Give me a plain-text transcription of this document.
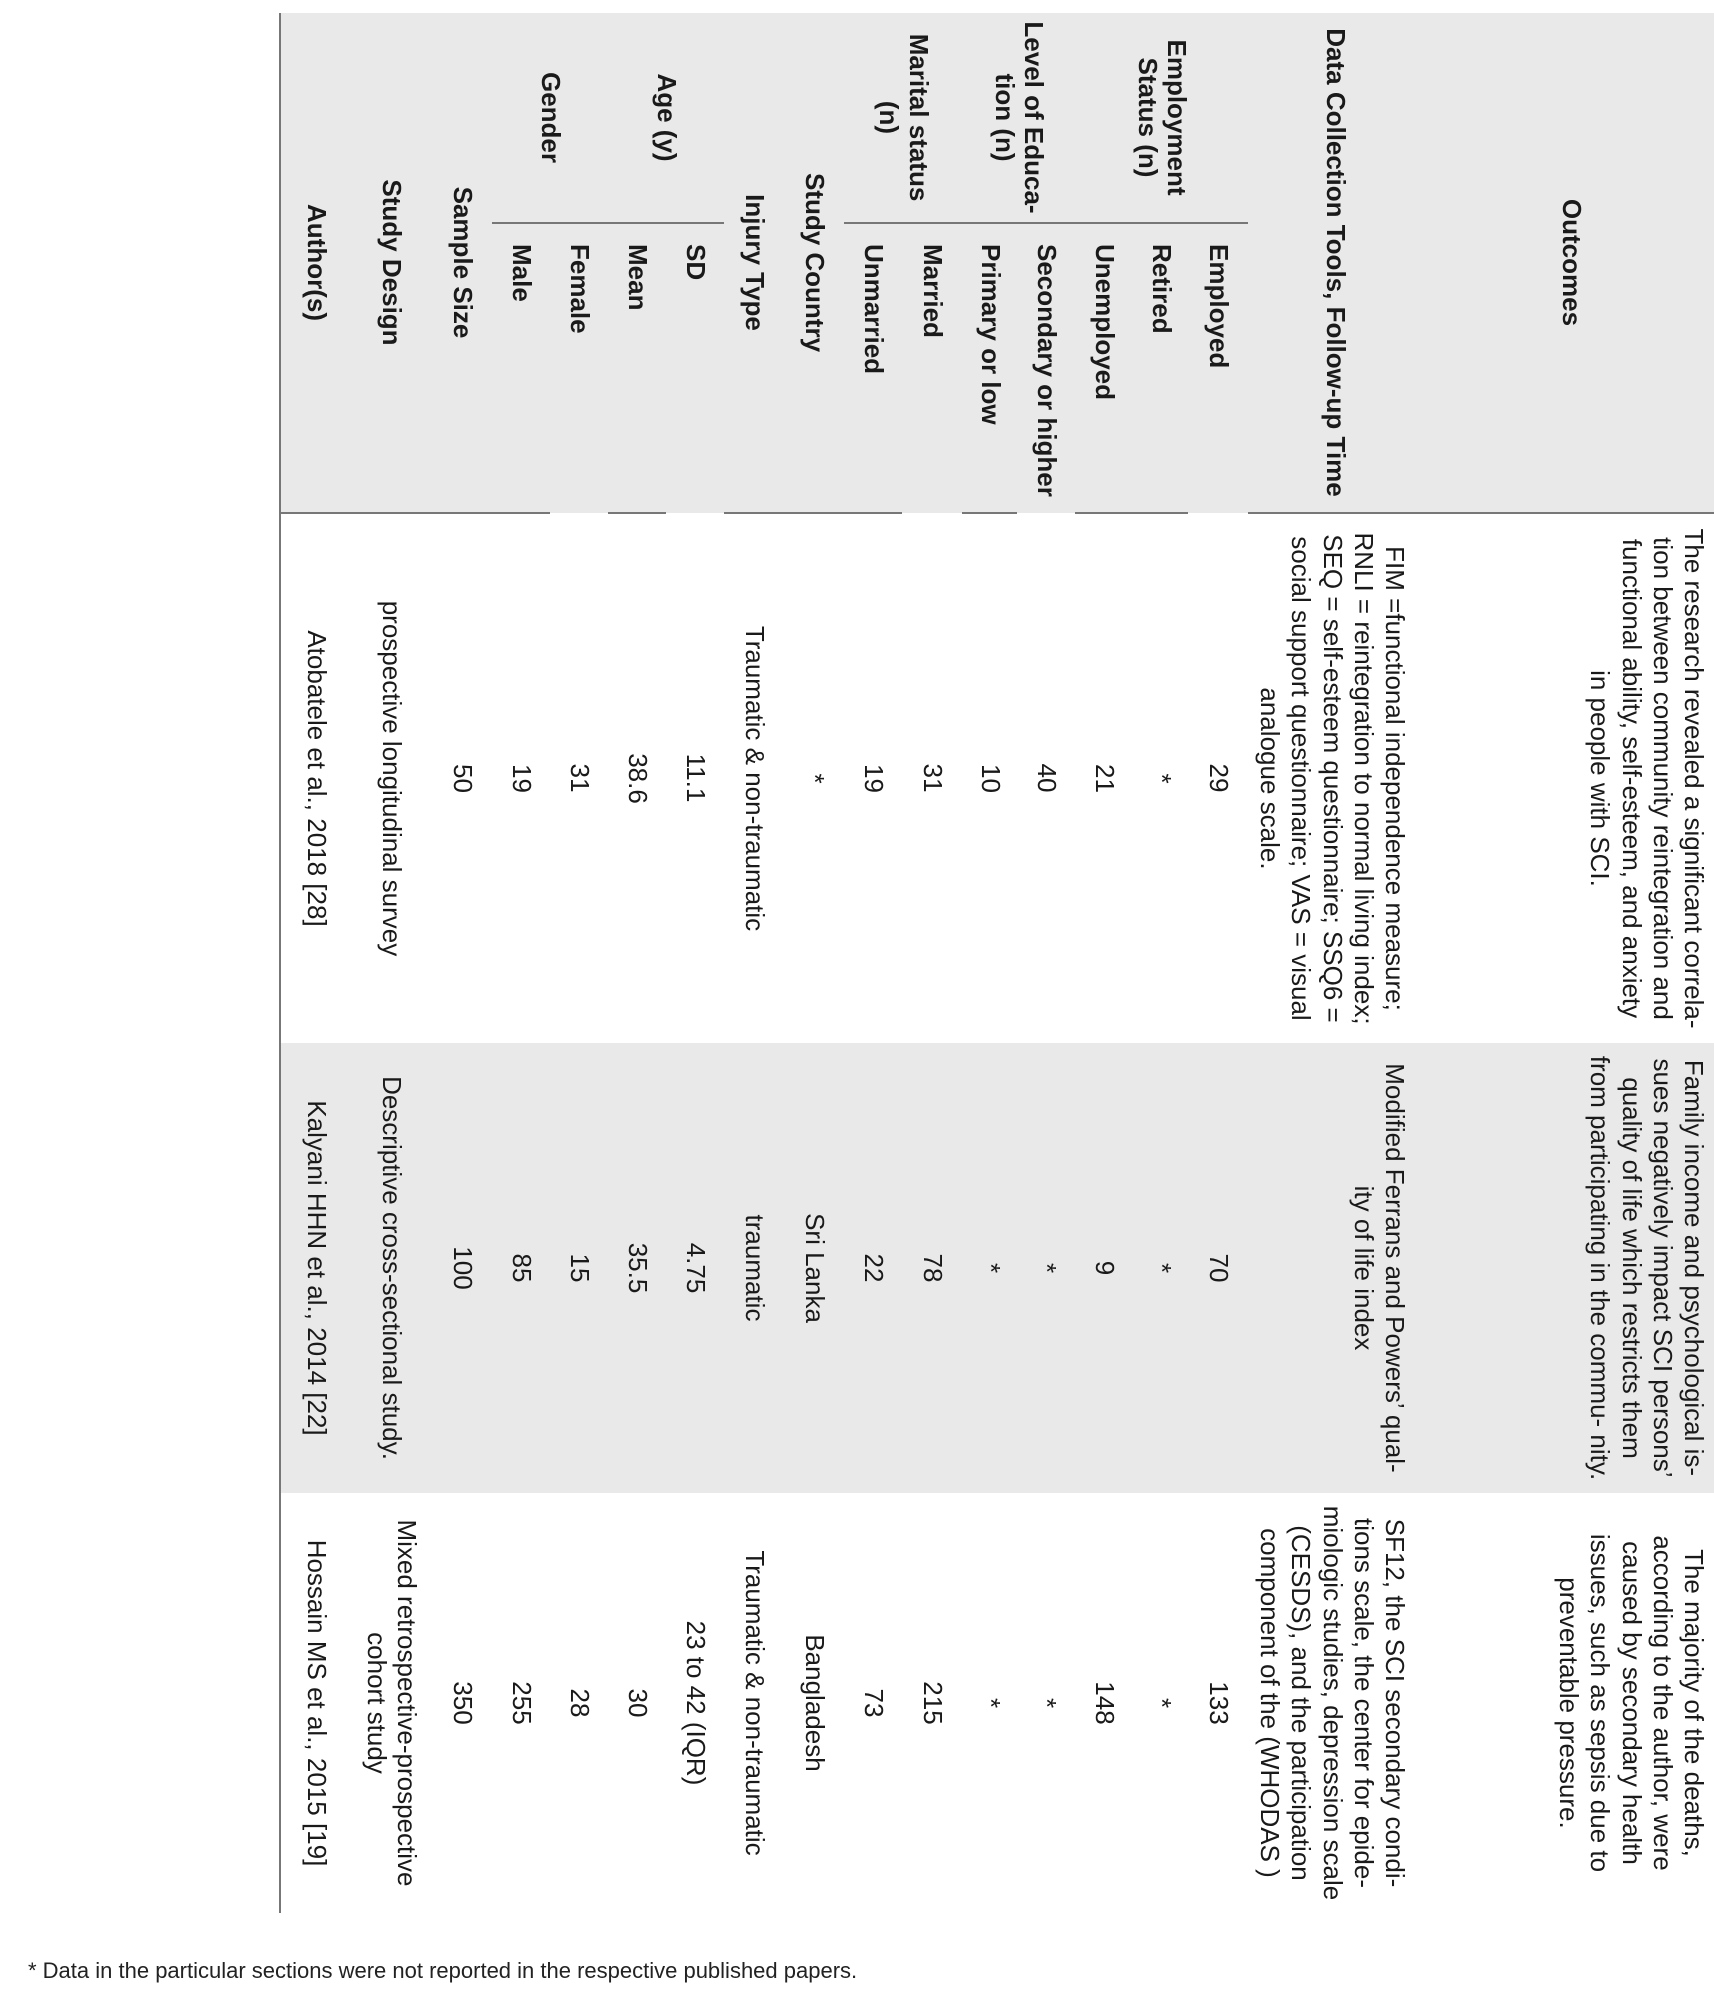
Outcomes		The research revealed a significant correla- tion between community reintegration and functional ability, self-esteem, and anxiety in people with SCI.	Family income and psychological is- sues negatively impact SCI persons’ quality of life which restricts them from participating in the commu- nity.	The majority of the deaths, according to the author, were caused by secondary health issues, such as sepsis due to preventable pressure.
Data Collection Tools, Follow-up Time		FIM =functional independence measure; RNLI = reintegration to normal living index; SEQ = self-esteem questionnaire; SSQ6 = social support questionnaire; VAS = visual analogue scale.	Modified Ferrans and Powers’ qual- ity of life index	SF12, the SCI secondary condi- tions scale, the center for epide- miologic studies, depression scale (CESDS), and the participation component of the (WHODAS )
Employment Status (n)	Employed	29	70	133
	Retired	*	*	*
	Unemployed	21	9	148
Level of Educa- tion (n)	Secondary or higher	40	*	*
	Primary or low	10	*	*
Marital status (n)	Married	31	78	215
	Unmarried	19	22	73
Study Country		*	Sri Lanka	Bangladesh
Injury Type		Traumatic & non-traumatic	traumatic	Traumatic & non-traumatic
Age (y)	SD	11.1	4.75	23 to 42 (IQR)
	Mean	38.6	35.5	30
Gender	Female	31	15	28
	Male	19	85	255
Sample Size		50	100	350
Study Design		prospective longitudinal survey	Descriptive cross-sectional study.	Mixed retrospective-prospective cohort study
Author(s)		Atobatele et al., 2018 [28]	Kalyani HHN et al., 2014 [22]	Hossain MS et al., 2015 [19]
* Data in the particular sections were not reported in the respective published papers.
